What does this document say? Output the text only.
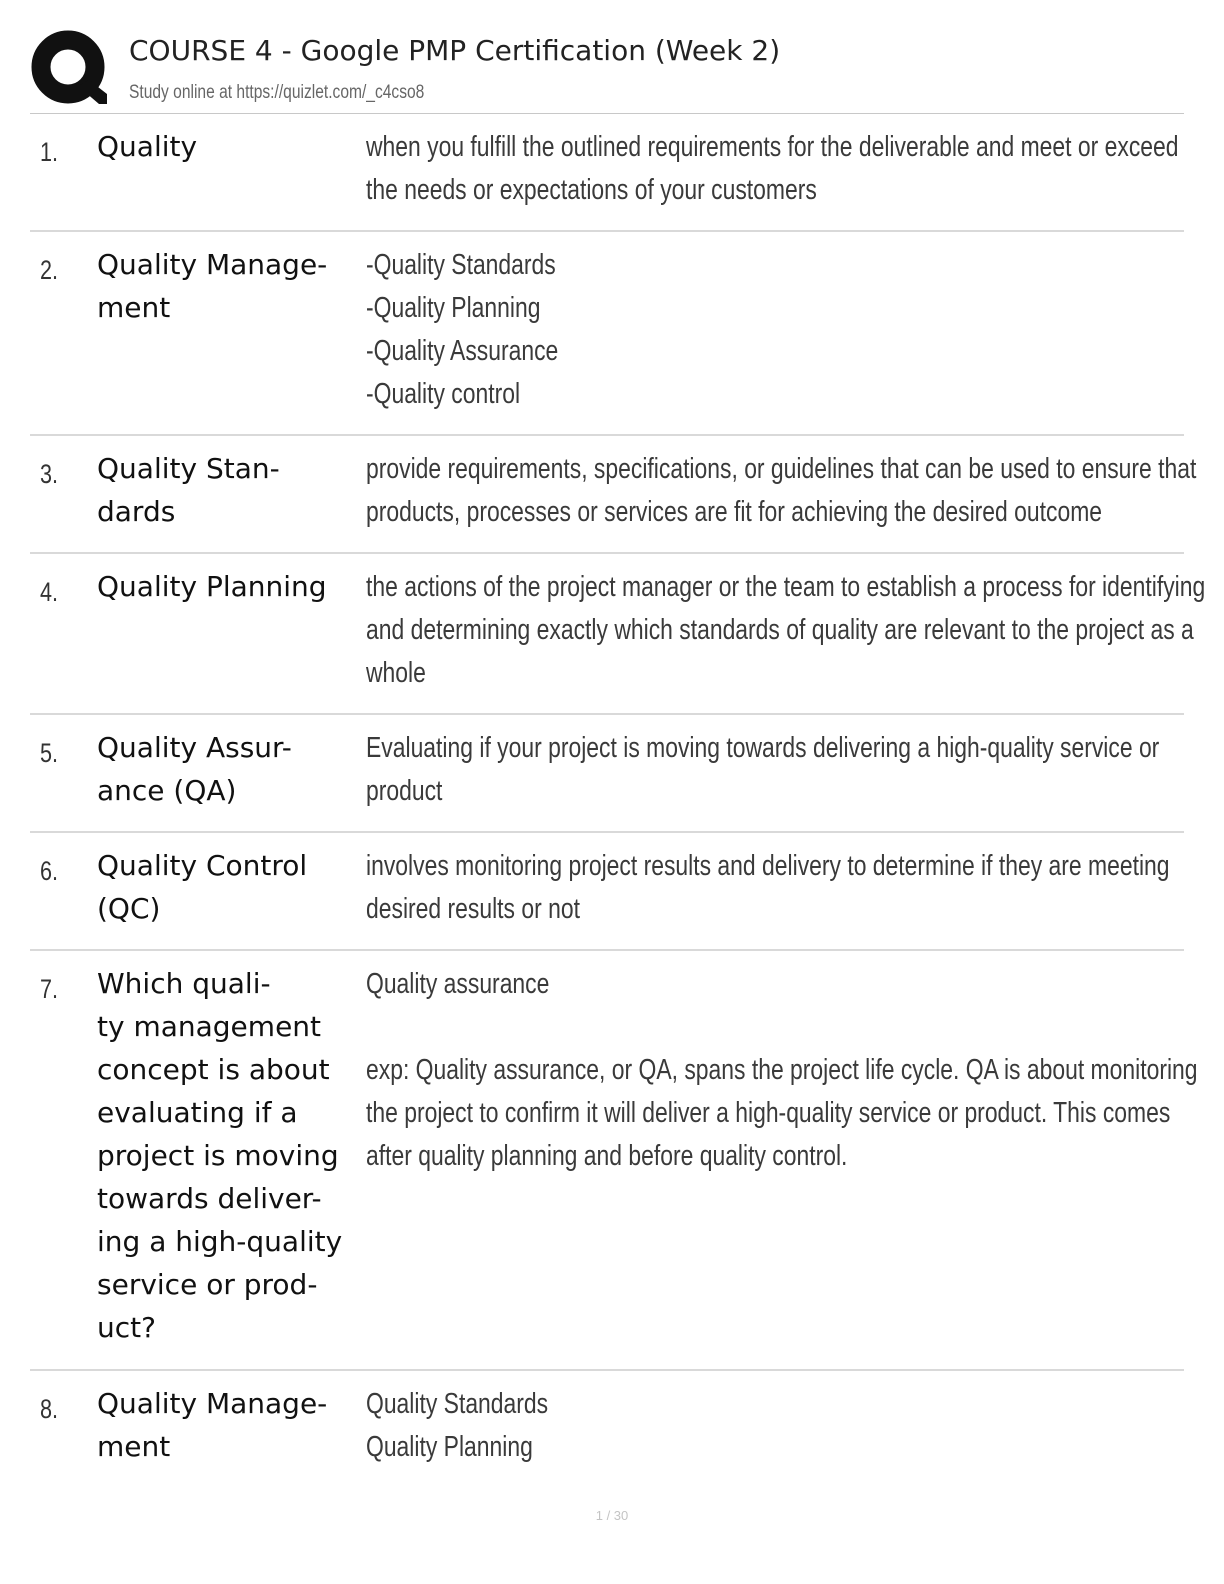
COURSE 4 - Google PMP Certification (Week 2)
Study online at https://quizlet.com/_c4cso8
1. Quality	when you fulfill the outlined requirements for the deliverable and meet or exceed
the needs or expectations of your customers
2. Quality Manage-
ment
-Quality Standards
-Quality Planning
-Quality Assurance
-Quality control
3. Quality Stan-
dards
provide requirements, specifications, or guidelines that can be used to ensure that
products, processes or services are fit for achieving the desired outcome
4. Quality Planning	the actions of the project manager or the team to establish a process for identifying
and determining exactly which standards of quality are relevant to the project as a
whole
5. Quality Assur-
ance (QA)
Evaluating if your project is moving towards delivering a high-quality service or
product
6. Quality Control
(QC)
involves monitoring project results and delivery to determine if they are meeting
desired results or not
7. Which quali-
ty management
concept is about
evaluating if a
project is moving
towards deliver-
ing a high-quality
service or prod-
uct?
Quality assurance
exp: Quality assurance, or QA, spans the project life cycle. QA is about monitoring
the project to confirm it will deliver a high-quality service or product. This comes
after quality planning and before quality control.
8. Quality Manage-
ment
Quality Standards
Quality Planning
1 / 30
